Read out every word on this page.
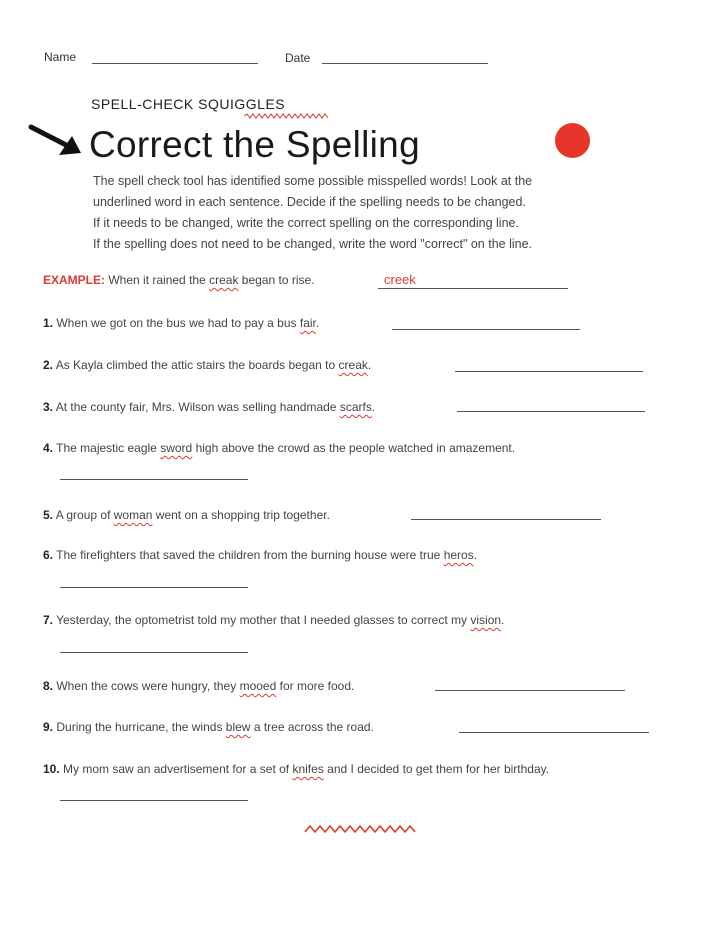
Name	Date
SPELL-CHECK SQUIGGLES
Correct the Spelling
The spell check tool has identified some possible misspelled words! Look at the
underlined word in each sentence. Decide if the spelling needs to be changed.
If it needs to be changed, write the correct spelling on the corresponding line.
If the spelling does not need to be changed, write the word "correct" on the line.
EXAMPLE: When it rained the creak began to rise.	creek
1. When we got on the bus we had to pay a bus fair.
2. As Kayla climbed the attic stairs the boards began to creak.
3. At the county fair, Mrs. Wilson was selling handmade scarfs.
4. The majestic eagle sword high above the crowd as the people watched in amazement.
5. A group of woman went on a shopping trip together.
6. The firefighters that saved the children from the burning house were true heros.
7. Yesterday, the optometrist told my mother that I needed glasses to correct my vision.
8. When the cows were hungry, they mooed for more food.
9. During the hurricane, the winds blew a tree across the road.
10. My mom saw an advertisement for a set of knifes and I decided to get them for her birthday.
